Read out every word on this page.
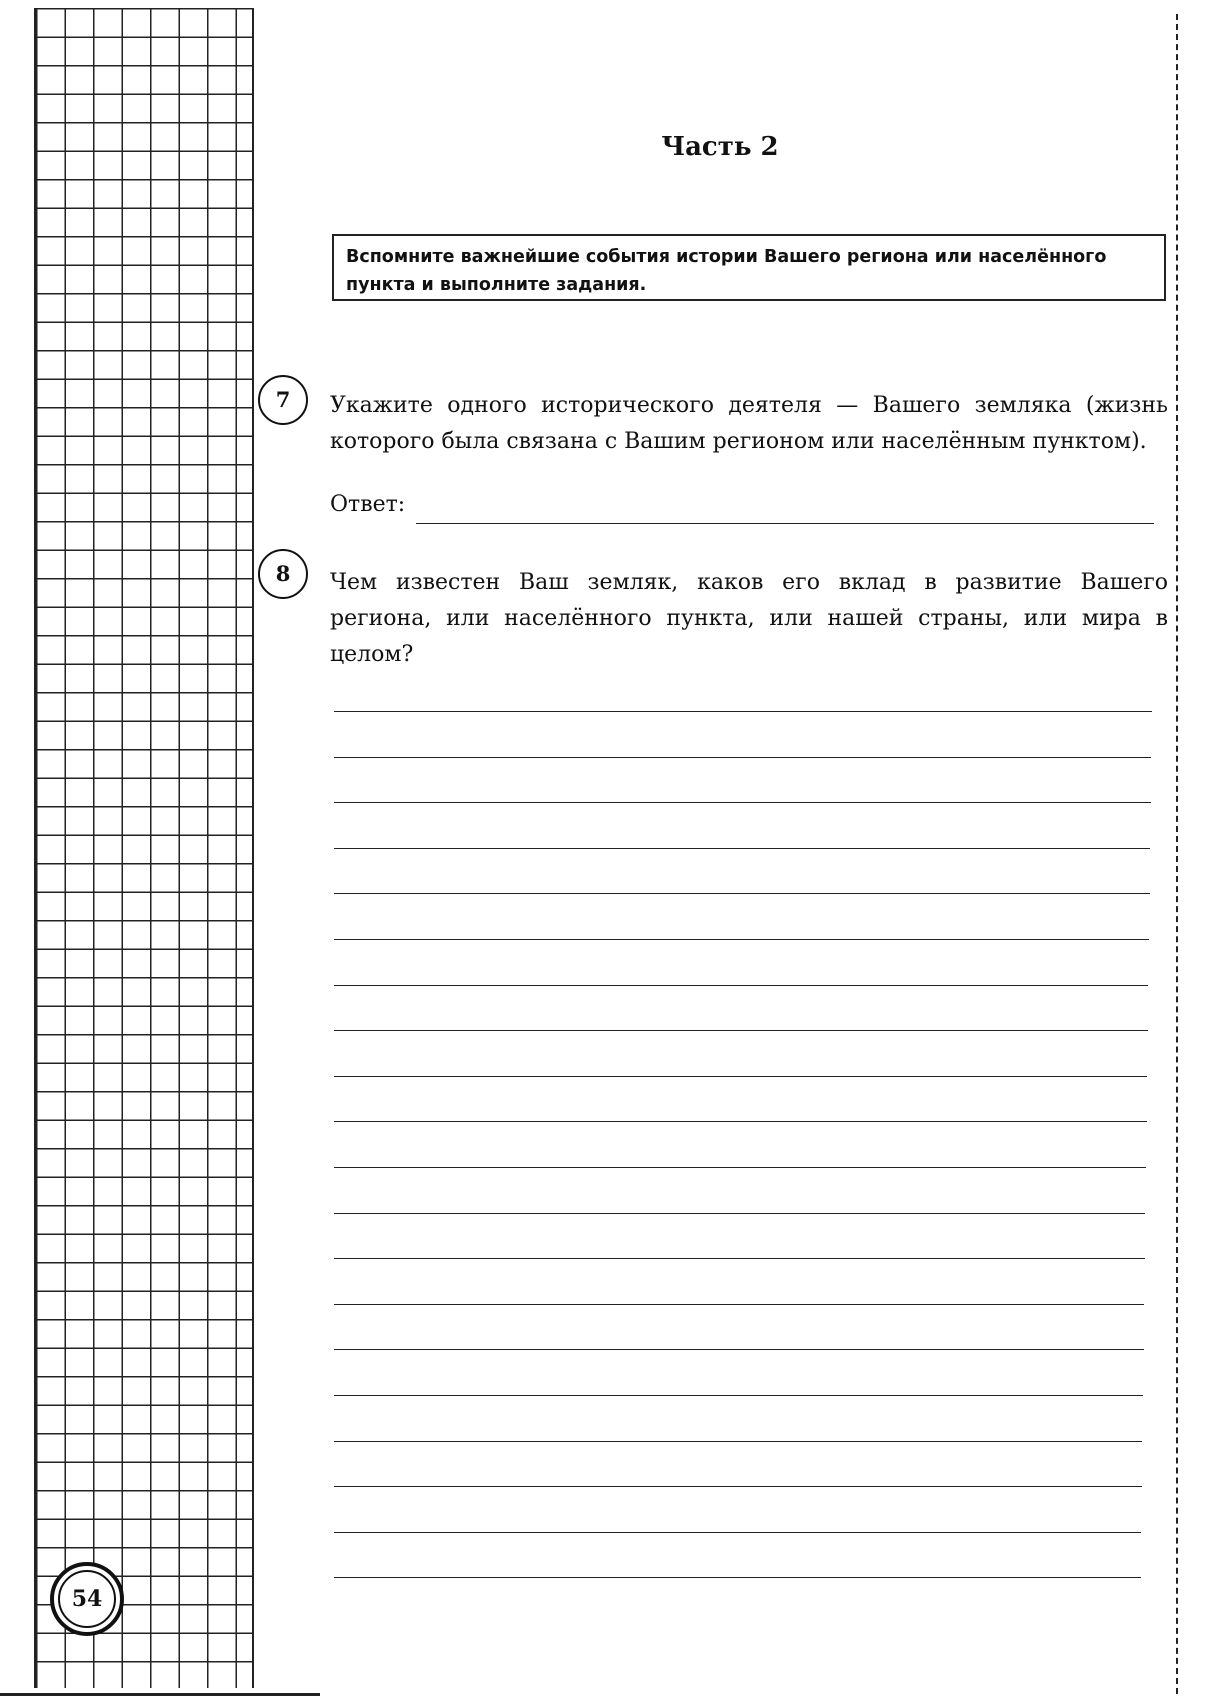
54
Часть 2
Вспомните важнейшие события истории Вашего региона или населённого пункта и выполните задания.
7	Укажите одного исторического деятеля — Вашего земляка (жизнь которого была связана с Вашим регионом или населённым пунктом).
Ответ:
8	Чем известен Ваш земляк, каков его вклад в развитие Вашего региона, или населённого пункта, или нашей страны, или мира в целом?
